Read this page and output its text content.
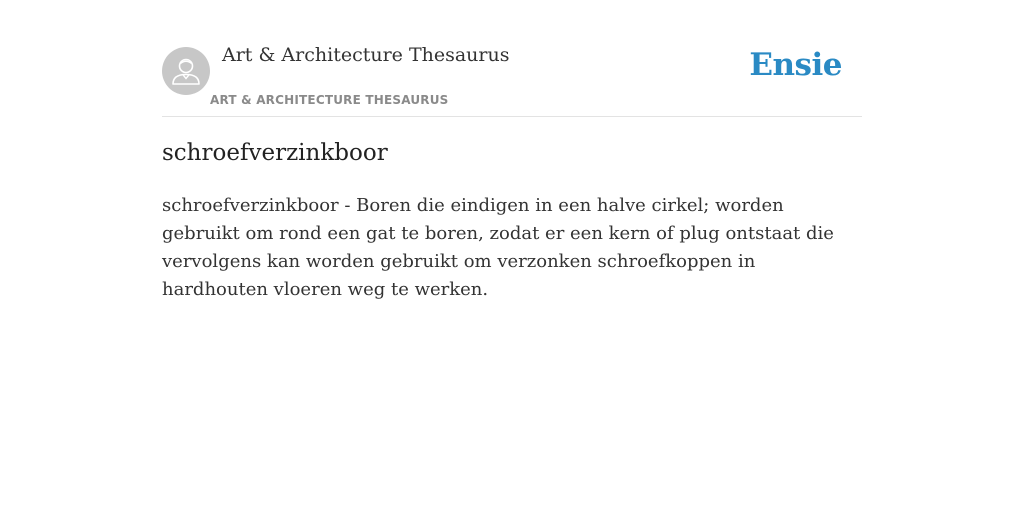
Art & Architecture Thesaurus
ART & ARCHITECTURE THESAURUS
Ensie
schroefverzinkboor

schroefverzinkboor - Boren die eindigen in een halve cirkel; worden gebruikt om rond een gat te boren, zodat er een kern of plug ontstaat die vervolgens kan worden gebruikt om verzonken schroefkoppen in hardhouten vloeren weg te werken.
